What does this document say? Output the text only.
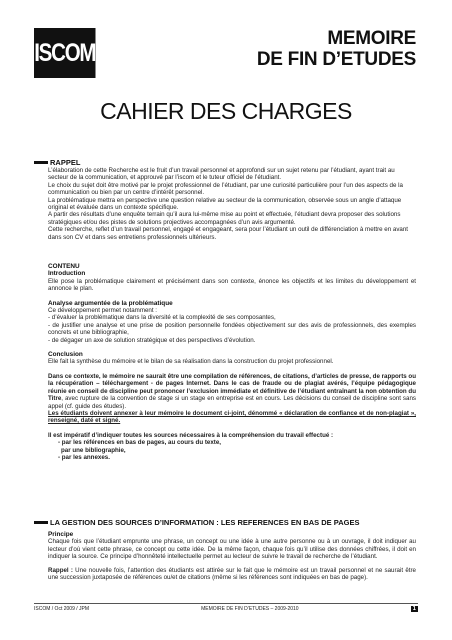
ISCOM
MEMOIRE
DE FIN D’ETUDES
CAHIER DES CHARGES
RAPPEL

L’élaboration de cette Recherche est le fruit d’un travail personnel et approfondi sur un sujet retenu par l’étudiant, ayant trait au secteur de la communication, et approuvé par l’iscom et le tuteur officiel de l’étudiant.

Le choix du sujet doit être motivé par le projet professionnel de l’étudiant, par une curiosité particulière pour l’un des aspects de la communication ou bien par un centre d’intérêt personnel.

La problématique mettra en perspective une question relative au secteur de la communication, observée sous un angle d’attaque original et évaluée dans un contexte spécifique.

A partir des résultats d’une enquête terrain qu’il aura lui-même mise au point et effectuée, l’étudiant devra proposer des solutions stratégiques et/ou des pistes de solutions projectives accompagnées d’un avis argumenté.

Cette recherche, reflet d’un travail personnel, engagé et engageant, sera pour l’étudiant un outil de différenciation à mettre en avant dans son CV et dans ses entretiens professionnels ultérieurs.

CONTENU

Introduction

Elle pose la problématique clairement et précisément dans son contexte, énonce les objectifs et les limites du développement et annonce le plan.

Analyse argumentée de la problématique

Ce développement permet notamment :

- d’évaluer la problématique dans la diversité et la complexité de ses composantes,

- de justifier une analyse et une prise de position personnelle fondées objectivement sur des avis de professionnels, des exemples concrets et une bibliographie,

- de dégager un axe de solution stratégique et des perspectives d’évolution.

Conclusion

Elle fait la synthèse du mémoire et le bilan de sa réalisation dans la construction du projet professionnel.

Dans ce contexte, le mémoire ne saurait être une compilation de références, de citations, d’articles de presse, de rapports ou la récupération – téléchargement - de pages Internet. Dans le cas de fraude ou de plagiat avérés, l’équipe pédagogique réunie en conseil de discipline peut prononcer l’exclusion immédiate et définitive de l’étudiant entraînant la non obtention du Titre, avec rupture de la convention de stage si un stage en entreprise est en cours. Les décisions du conseil de discipline sont sans appel (cf. guide des études).

Les étudiants doivent annexer à leur mémoire le document ci-joint, dénommé « déclaration de confiance et de non-plagiat », renseigné, daté et signé.

Il est impératif d’indiquer toutes les sources nécessaires à la compréhension du travail effectué :

- par les références en bas de pages, au cours du texte,

par une bibliographie,

- par les annexes.

LA GESTION DES SOURCES D’INFORMATION : LES REFERENCES EN BAS DE PAGES

Principe

Chaque fois que l’étudiant emprunte une phrase, un concept ou une idée à une autre personne ou à un ouvrage, il doit indiquer au lecteur d’où vient cette phrase, ce concept ou cette idée. De la même façon, chaque fois qu’il utilise des données chiffrées, il doit en indiquer la source. Ce principe d’honnêteté intellectuelle permet au lecteur de suivre le travail de recherche de l’étudiant.

Rappel : Une nouvelle fois, l’attention des étudiants est attirée sur le fait que le mémoire est un travail personnel et ne saurait être une succession juxtaposée de références ou/et de citations (même si les références sont indiquées en bas de page).

ISCOM / Oct 2009 / JPM	MEMOIRE DE FIN D’ETUDES – 2009-2010	1
